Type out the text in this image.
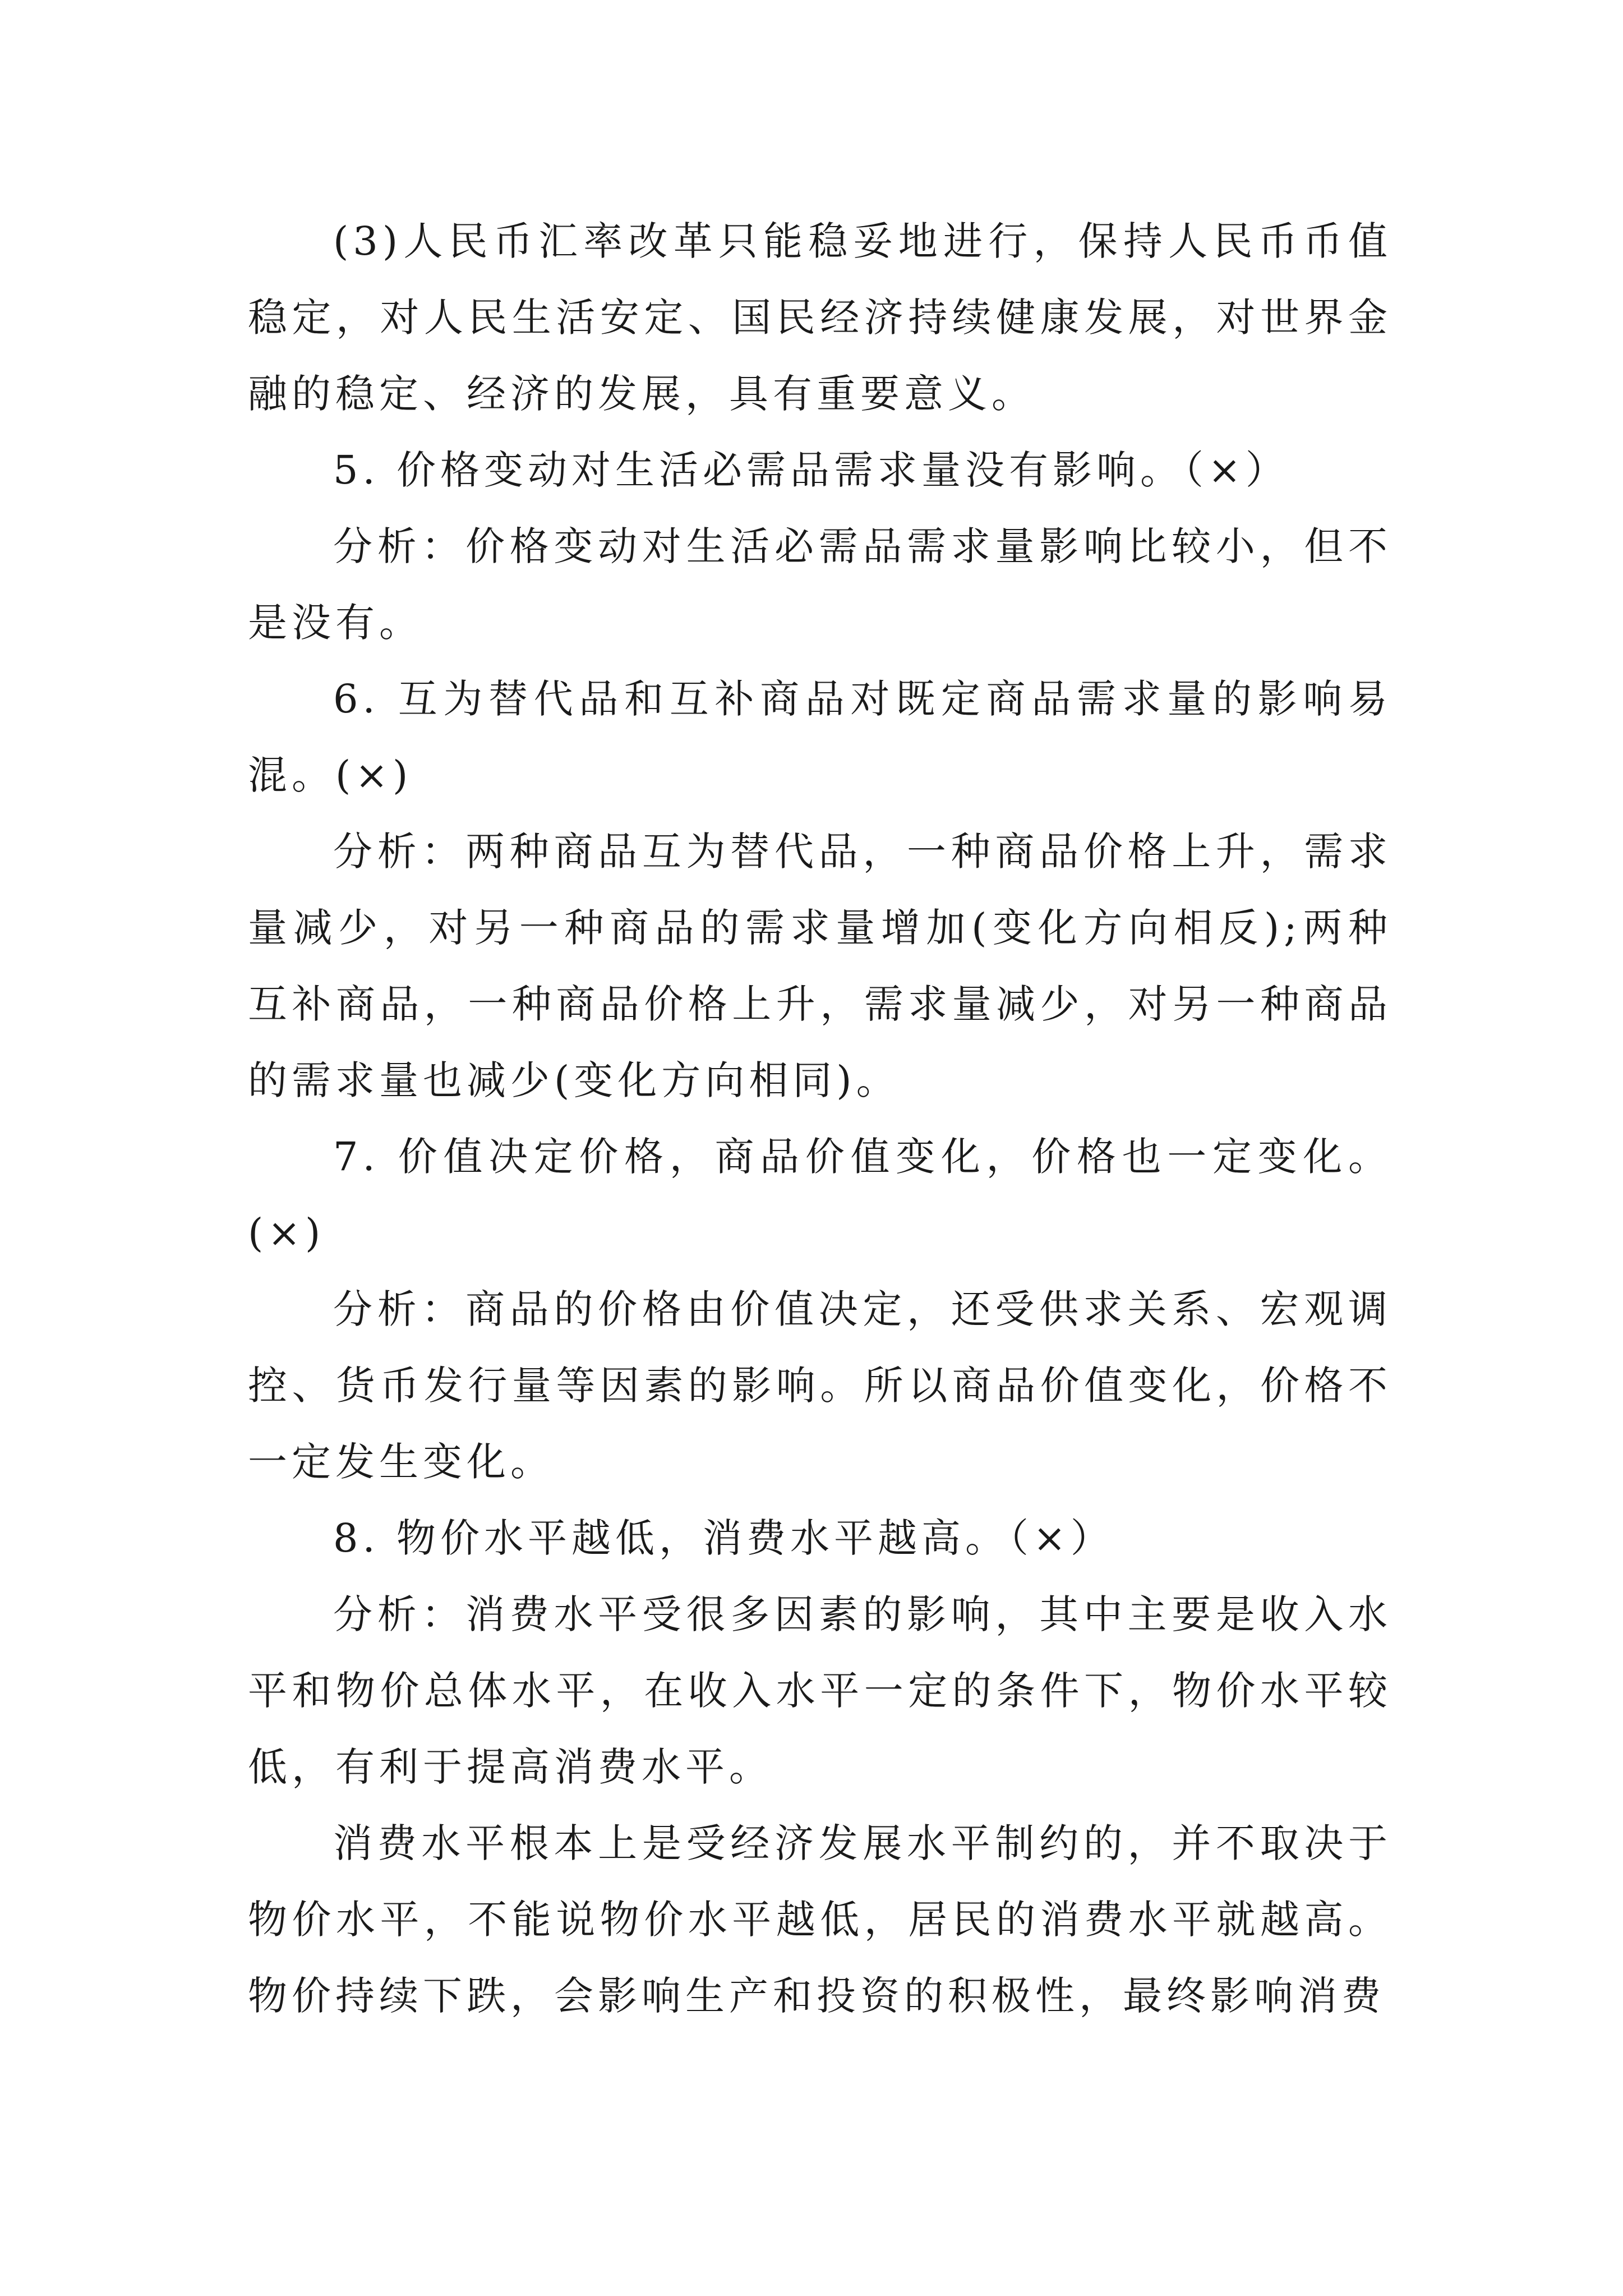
(3)人民币汇率改革只能稳妥地进行，保持人民币币值稳定，对人民生活安定、国民经济持续健康发展，对世界金融的稳定、经济的发展，具有重要意义。

5. 价格变动对生活必需品需求量没有影响。（×）

分析：价格变动对生活必需品需求量影响比较小，但不是没有。

6. 互为替代品和互补商品对既定商品需求量的影响易混。(×)

分析：两种商品互为替代品，一种商品价格上升，需求量减少，对另一种商品的需求量增加(变化方向相反);两种互补商品，一种商品价格上升，需求量减少，对另一种商品的需求量也减少(变化方向相同)。

7. 价值决定价格，商品价值变化，价格也一定变化。(×)

分析：商品的价格由价值决定，还受供求关系、宏观调控、货币发行量等因素的影响。所以商品价值变化，价格不一定发生变化。

8. 物价水平越低，消费水平越高。（×）

分析：消费水平受很多因素的影响，其中主要是收入水平和物价总体水平，在收入水平一定的条件下，物价水平较低，有利于提高消费水平。

消费水平根本上是受经济发展水平制约的，并不取决于物价水平，不能说物价水平越低，居民的消费水平就越高。物价持续下跌，会影响生产和投资的积极性，最终影响消费
